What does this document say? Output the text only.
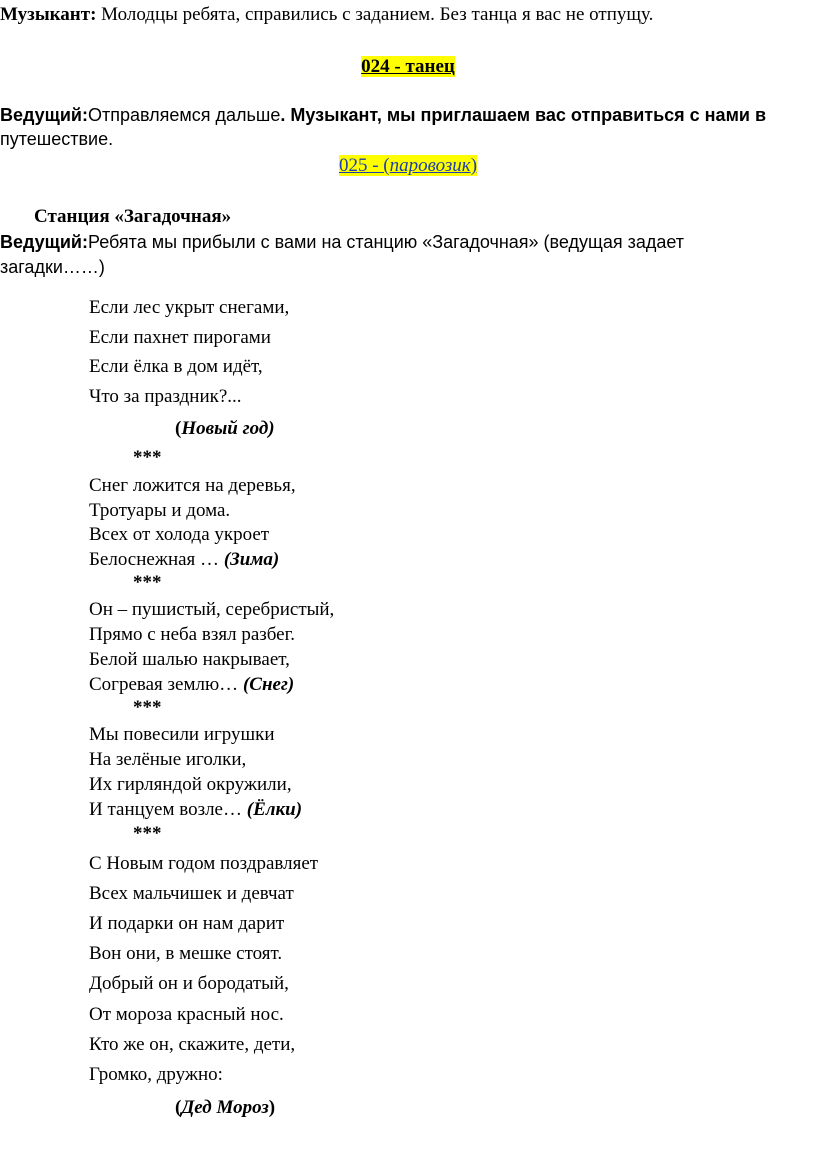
Музыкант: Молодцы ребята, справились с заданием. Без танца я вас не отпущу.
024 - танец
Ведущий:Отправляемся дальше. Музыкант, мы приглашаем вас отправиться с нами в
путешествие.
025 - (паровозик)
Станция «Загадочная»
Ведущий:Ребята мы прибыли с вами на станцию «Загадочная» (ведущая задает
загадки……)
Если лес укрыт снегами,
Если пахнет пирогами
Если ёлка в дом идёт,
Что за праздник?...
(Новый год)
***
Снег ложится на деревья,
Тротуары и дома.
Всех от холода укроет
Белоснежная … (Зима)
***
Он – пушистый, серебристый,
Прямо с неба взял разбег.
Белой шалью накрывает,
Согревая землю… (Снег)
***
Мы повесили игрушки
На зелёные иголки,
Их гирляндой окружили,
И танцуем возле… (Ёлки)
***
С Новым годом поздравляет
Всех мальчишек и девчат
И подарки он нам дарит
Вон они, в мешке стоят.
Добрый он и бородатый,
От мороза красный нос.
Кто же он, скажите, дети,
Громко, дружно:
(Дед Мороз)
